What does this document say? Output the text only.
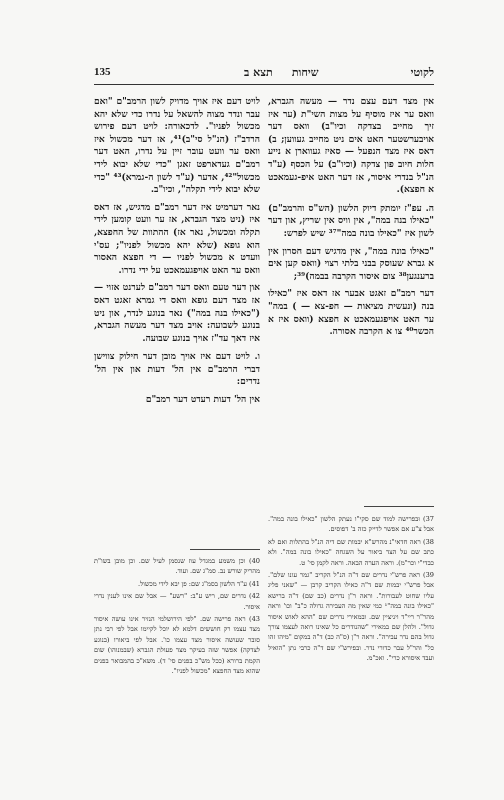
135	שיחות     תצא ב	לקוטי

אין מצד דעם עצם נדר — מעשה הגברא, וואס ער איז מוסיף על מצות השי"ת (ער איז זיך מחייב בצדקה וכיו"ב) וואס דער אויבערשטער האט אים ניט מחייב געווען; ב) דאס איז מצד הנפעל — סאיז געווארן א נייע חלות חיוב פון צדקה (וכיו"ב) על הכסף (ע"ד הנ"ל בנדרי איסור, אז דער האט איפ-געמאכט א חפצא).

ה. עפ"ז יומתק דיוק הלשון (הש"ס והרמב"ם) "כאילו בנה במה", אין וויס אין שריץ, און דער לשון איז "כאילו בונה במה"³⁷ שיש לפרש:

"כאילו בונה במה", אין מדגיש דעם חסרון אין א גברא שעוסק בבני בלתי רצוי (וואס קען אים ברענגען³⁸ צום איסור הקרבה בבמה)³⁹;

דער רמב"ם זאגט אבער אז דאס איז "כאילו בנה (ונעשית מציאות — חפ-צא — ) במה" ער האט אויפגעמאכט א חפצא (וואס איז א הכשר⁴⁰ צו א הקרבה אסורה.

לויט דעם איז אויך מדויק לשון הרמב"ם "ואם עבר ונדר מצוה להשאל על נדרו כדי שלא יהא מכשול לפניו". לדכאורה: לויט דעם פירוש הרדב"ז (הנ"ל סי"ב)⁴¹, אז דער מכשול איז וואס ער וועט עובר זיין על נדרו, האט דער רמב"ם געדארפט זאגן "כדי שלא יבוא לידי מכשול"⁴², אדער (ע"ד לשון ה-גמרא)⁴³ "כדי שלא יבוא לידי תקלה", וכיו"ב.

נאר דערמיט איז דער רמב"ם מדגיש, אז דאס איז (ניט מצד הגברא, אז ער וועט קומען לידי תקלה ומכשול, נאר אז) ההתוות של החפצא, הוא גופא (שלא יהא מכשול לפניו"; עס'י וועדט א מכשול לפניו — די חפצא האסור וואס ער האט אויפגעמאכט על ידי נדרו.

און דער טעם וואס דער רמב"ם לערנט אזוי — אז מצד דעם גופא וואס די גמרא זאגט דאס ("כאילו בנה במה") נאר בנוגע לנדר, און ניט בנוגע לשבועה: אויב מצד דער מעשה הגברא, איז דאך עד"ז אויך בנוגע שבועה.

ו. לויט דעם איז אויך מובן דער חילוק צווישן דברי הרמב"ם אין הל' דעות און אין הל' נדרים:

אין הל' דעות רעדט דער רמב"ם

37) וּבפרישה למוד שם סקי"ו נעתק הלשון "כאילו בונה במה". אבל צ"ע אם אפשר לדייק כזה ב' דפוסים.

38) ראה חדאי"נ מהרש"א יבמות שם דיה הנ"ל בהתלות ואם לא כתב שם על הצד ביאור על השגחה "כאילו בונה במה". ולא כבדי"י וכר"מ). וראה הערה הבאה. וראה לקמן סי' ט.

39) ראה פרש"י נדרים שם ד"ה הנ"ל הקריב "גמר עונו שלם". אבל פרש"י יבמות שם ד"ה כאילו הקריב קרבן — "שאני פליג עליו שחוט לעבורות". וראה ר"ן נדרים (כב שם) ד"ה ברישא "כאילו בונה במה"¹ כמי שאין מה העבירה גדולה כ"ב" וכו' וראה מהר"ר ריי"ד ויניציין שם. ובמאירי נדרים שם "ההא לאוש איסור גדול". ולהלן שם במאירי "שהנודרים כל שאינו רואה לעצמו צורך גדול בהם נדר עבירה". וראה ר"ן (ס"ה כב) ד"ה במקום "מיהו זהו כל" והר"ל עבר כדורי נדר. ובפירש"י שם ד"ה כרבי נתן "הואיל ועבד איסורא כרי". ואכ"מ.

40) וכן משמע במגדל עוז שנסמן לעיל שם. וכן מובן בשו"ת מהריק שורש נב. סמ"ג שם. ועוד.

41) ע"ד הלשון בסמ"ג שם: פן יבא לידי מכשול.

42) נדרים שם, ריש ע"ב: "רשע" — אבל שם אינו לענין נדרי איסור.

43) ראה פרישה שם. "לפי הירושלמי הנזיר אינו עושה איסור מצד עצמו רק חוששים דלמא לא יוכל לקיימו אבל לפי רבי נתן סובר שעושה איסור מצד עצמו כו'. אבל לפי ביאורו (בנוגע לצדקה) אפשר שזה בעיקר מצד פעולת הגברא (שבמנוהו) שום הקמת ברורא (ככל מש"כ בפנים סי' ד). משא"כ בהמבואר בפנים שהוא מצד החפצא "מכשול לפניו".
